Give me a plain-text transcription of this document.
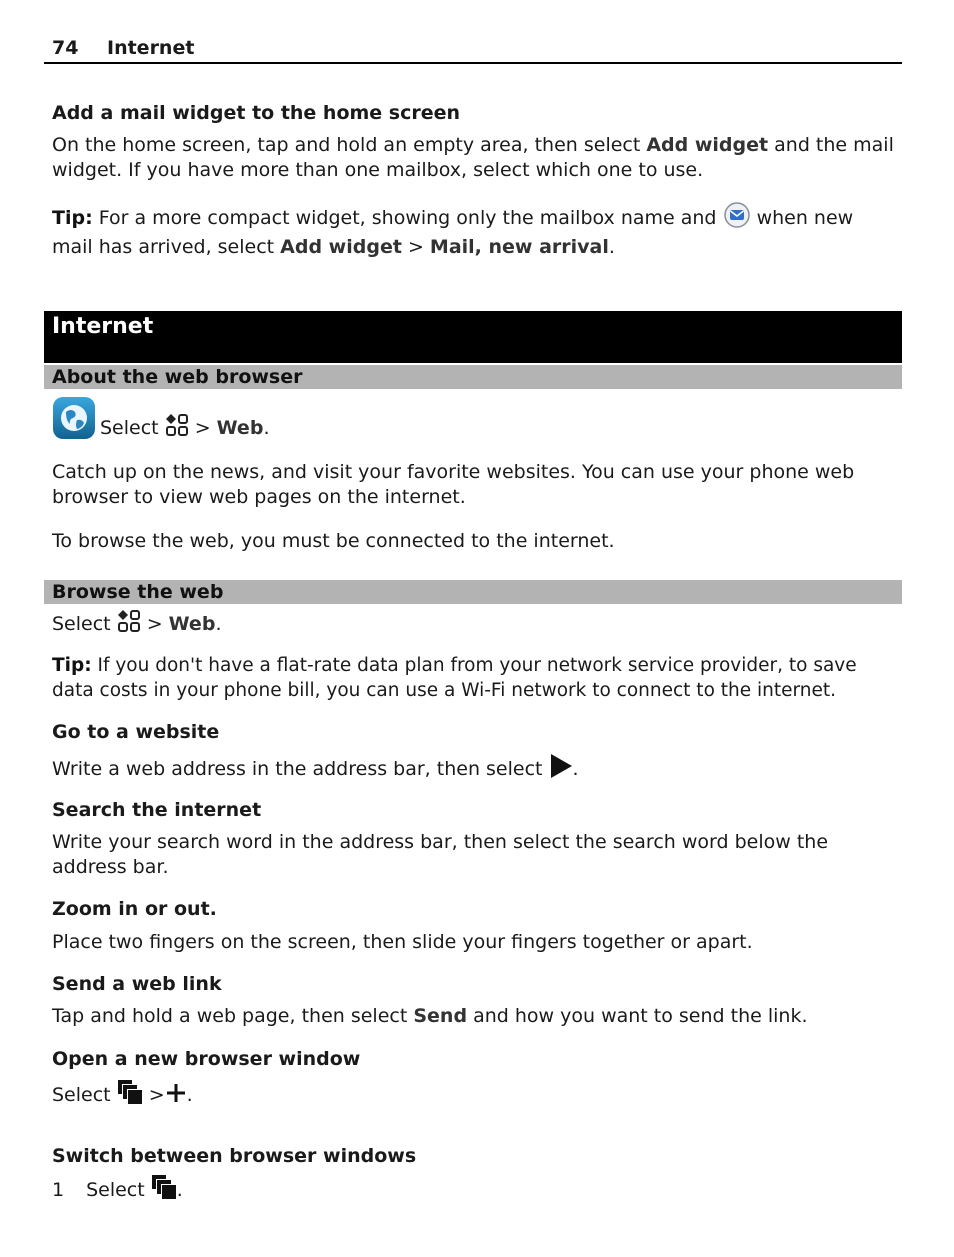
74 Internet
Add a mail widget to the home screen
On the home screen, tap and hold an empty area, then select Add widget and the mail
widget. If you have more than one mailbox, select which one to use.
Tip: For a more compact widget, showing only the mailbox name and  when new
mail has arrived, select Add widget > Mail, new arrival.
Internet
About the web browser
Select  > Web.
Catch up on the news, and visit your favorite websites. You can use your phone web
browser to view web pages on the internet.
To browse the web, you must be connected to the internet.
Browse the web
Select  > Web.
Tip: If you don't have a flat-rate data plan from your network service provider, to save
data costs in your phone bill, you can use a Wi-Fi network to connect to the internet.
Go to a website
Write a web address in the address bar, then select .
Search the internet
Write your search word in the address bar, then select the search word below the
address bar.
Zoom in or out.
Place two fingers on the screen, then slide your fingers together or apart.
Send a web link
Tap and hold a web page, then select Send and how you want to send the link.
Open a new browser window
Select  > .
Switch between browser windows
1 Select .
